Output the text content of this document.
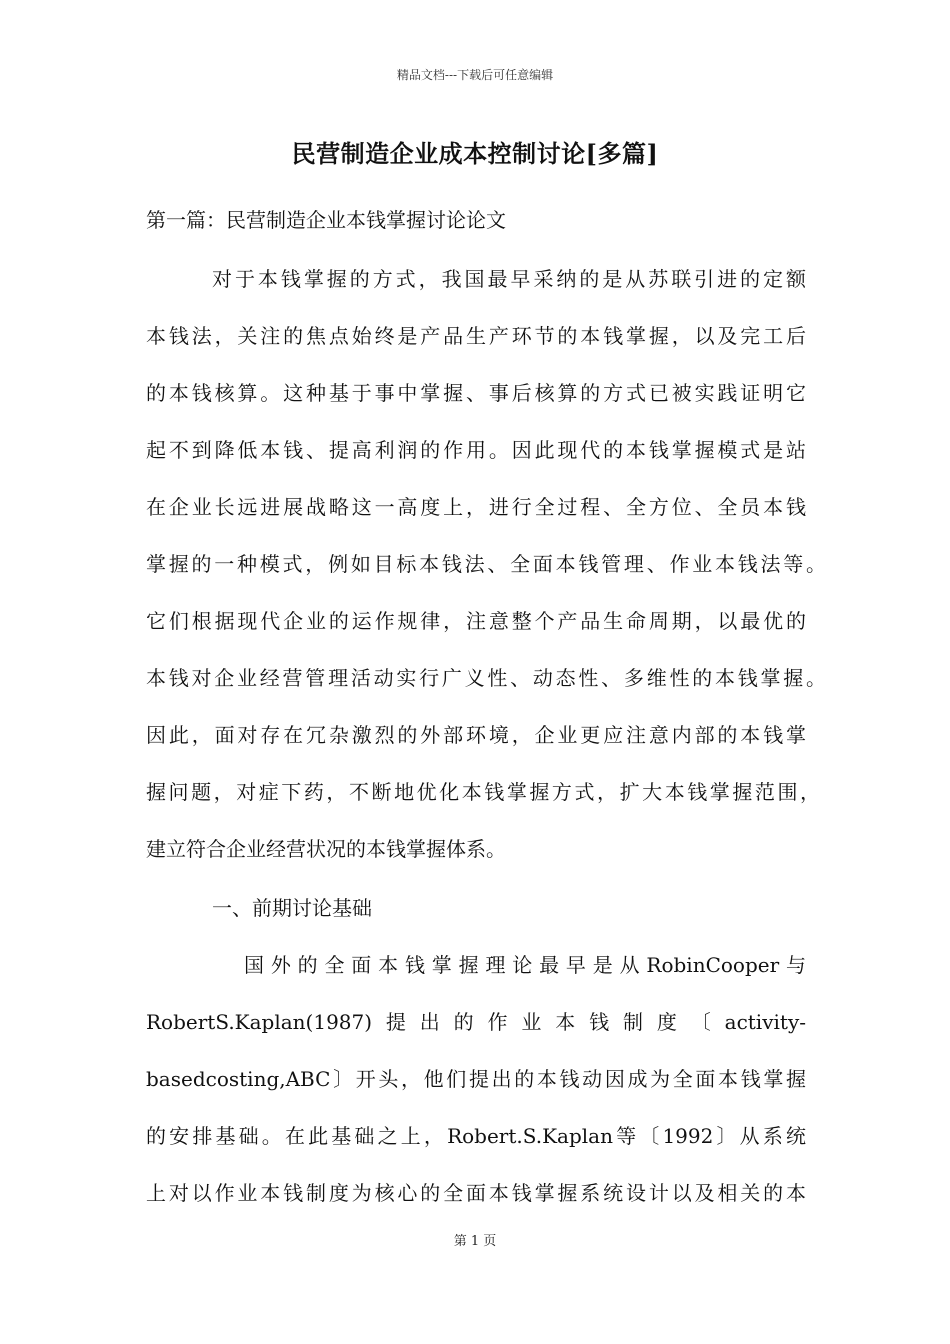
精品文档---下载后可任意编辑
民营制造企业成本控制讨论[多篇]
第一篇：民营制造企业本钱掌握讨论论文
对于本钱掌握的方式，我国最早采纳的是从苏联引进的定额
本钱法，关注的焦点始终是产品生产环节的本钱掌握，以及完工后
的本钱核算。这种基于事中掌握、事后核算的方式已被实践证明它
起不到降低本钱、提高利润的作用。因此现代的本钱掌握模式是站
在企业长远进展战略这一高度上，进行全过程、全方位、全员本钱
掌握的一种模式，例如目标本钱法、全面本钱管理、作业本钱法等。
它们根据现代企业的运作规律，注意整个产品生命周期，以最优的
本钱对企业经营管理活动实行广义性、动态性、多维性的本钱掌握。
因此，面对存在冗杂激烈的外部环境，企业更应注意内部的本钱掌
握问题，对症下药，不断地优化本钱掌握方式，扩大本钱掌握范围，
建立符合企业经营状况的本钱掌握体系。
一、前期讨论基础
国外的全面本钱掌握理论最早是从RobinCooper与
RobertS.Kaplan(1987)提出的作业本钱制度〔activity-
basedcosting,ABC〕开头，他们提出的本钱动因成为全面本钱掌握
的安排基础。在此基础之上，Robert.S.Kaplan等〔1992〕从系统
上对以作业本钱制度为核心的全面本钱掌握系统设计以及相关的本
第 1 页
